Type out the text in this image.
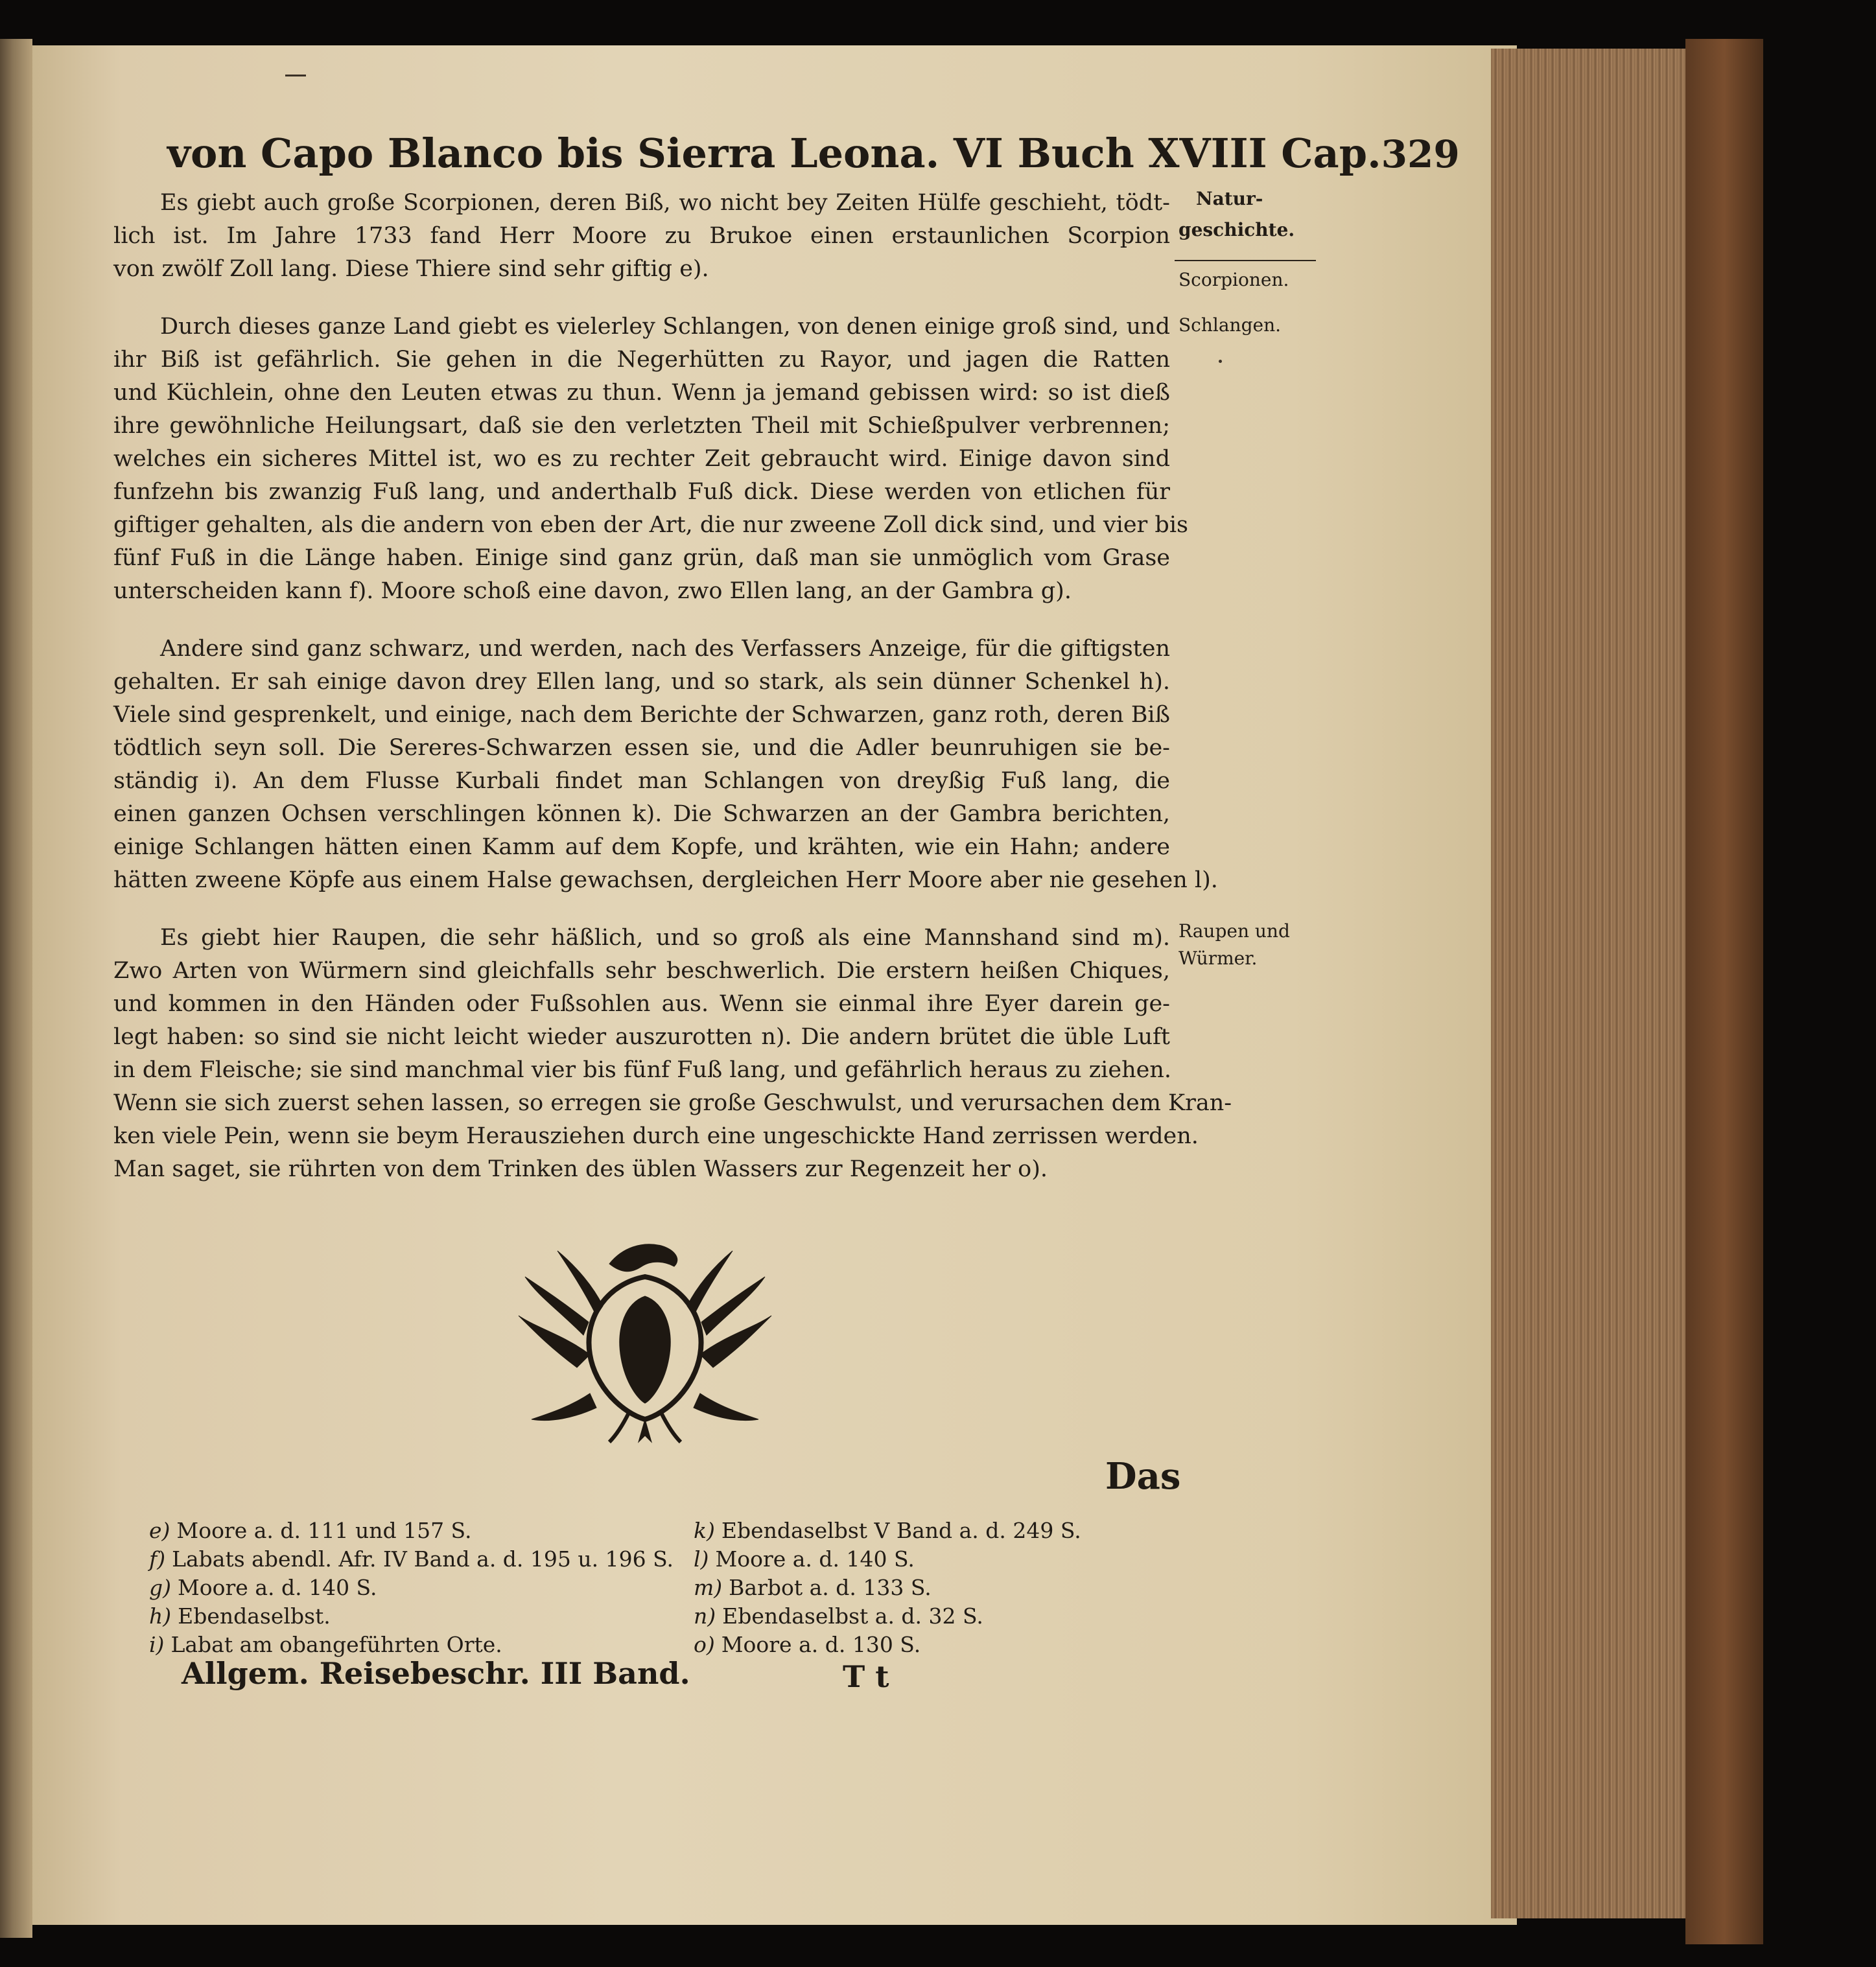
von Capo Blanco bis Sierra Leona. VI Buch XVIII Cap. 329
Natur-
geschichte.
Scorpionen.
Schlangen.
Raupen und
Würmer.
Es giebt auch große Scorpionen, deren Biß, wo nicht bey Zeiten Hülfe geschieht, tödt-
lich ist. Im Jahre 1733 fand Herr Moore zu Brukoe einen erstaunlichen Scorpion
von zwölf Zoll lang. Diese Thiere sind sehr giftig e).
Durch dieses ganze Land giebt es vielerley Schlangen, von denen einige groß sind, und
ihr Biß ist gefährlich. Sie gehen in die Negerhütten zu Rayor, und jagen die Ratten
und Küchlein, ohne den Leuten etwas zu thun. Wenn ja jemand gebissen wird: so ist dieß
ihre gewöhnliche Heilungsart, daß sie den verletzten Theil mit Schießpulver verbrennen;
welches ein sicheres Mittel ist, wo es zu rechter Zeit gebraucht wird. Einige davon sind
funfzehn bis zwanzig Fuß lang, und anderthalb Fuß dick. Diese werden von etlichen für
giftiger gehalten, als die andern von eben der Art, die nur zweene Zoll dick sind, und vier bis
fünf Fuß in die Länge haben. Einige sind ganz grün, daß man sie unmöglich vom Grase
unterscheiden kann f). Moore schoß eine davon, zwo Ellen lang, an der Gambra g).
Andere sind ganz schwarz, und werden, nach des Verfassers Anzeige, für die giftigsten
gehalten. Er sah einige davon drey Ellen lang, und so stark, als sein dünner Schenkel h).
Viele sind gesprenkelt, und einige, nach dem Berichte der Schwarzen, ganz roth, deren Biß
tödtlich seyn soll. Die Sereres-Schwarzen essen sie, und die Adler beunruhigen sie be-
ständig i). An dem Flusse Kurbali findet man Schlangen von dreyßig Fuß lang, die
einen ganzen Ochsen verschlingen können k). Die Schwarzen an der Gambra berichten,
einige Schlangen hätten einen Kamm auf dem Kopfe, und krähten, wie ein Hahn; andere
hätten zweene Köpfe aus einem Halse gewachsen, dergleichen Herr Moore aber nie gesehen l).
Es giebt hier Raupen, die sehr häßlich, und so groß als eine Mannshand sind m).
Zwo Arten von Würmern sind gleichfalls sehr beschwerlich. Die erstern heißen Chiques,
und kommen in den Händen oder Fußsohlen aus. Wenn sie einmal ihre Eyer darein ge-
legt haben: so sind sie nicht leicht wieder auszurotten n). Die andern brütet die üble Luft
in dem Fleische; sie sind manchmal vier bis fünf Fuß lang, und gefährlich heraus zu ziehen.
Wenn sie sich zuerst sehen lassen, so erregen sie große Geschwulst, und verursachen dem Kran-
ken viele Pein, wenn sie beym Herausziehen durch eine ungeschickte Hand zerrissen werden.
Man saget, sie rührten von dem Trinken des üblen Wassers zur Regenzeit her o).
Das
e) Moore a. d. 111 und 157 S.
f) Labats abendl. Afr. IV Band a. d. 195 u. 196 S.
g) Moore a. d. 140 S.
h) Ebendaselbst.
i) Labat am obangeführten Orte.
k) Ebendaselbst V Band a. d. 249 S.
l) Moore a. d. 140 S.
m) Barbot a. d. 133 S.
n) Ebendaselbst a. d. 32 S.
o) Moore a. d. 130 S.
Allgem. Reisebeschr. III Band.	T t
